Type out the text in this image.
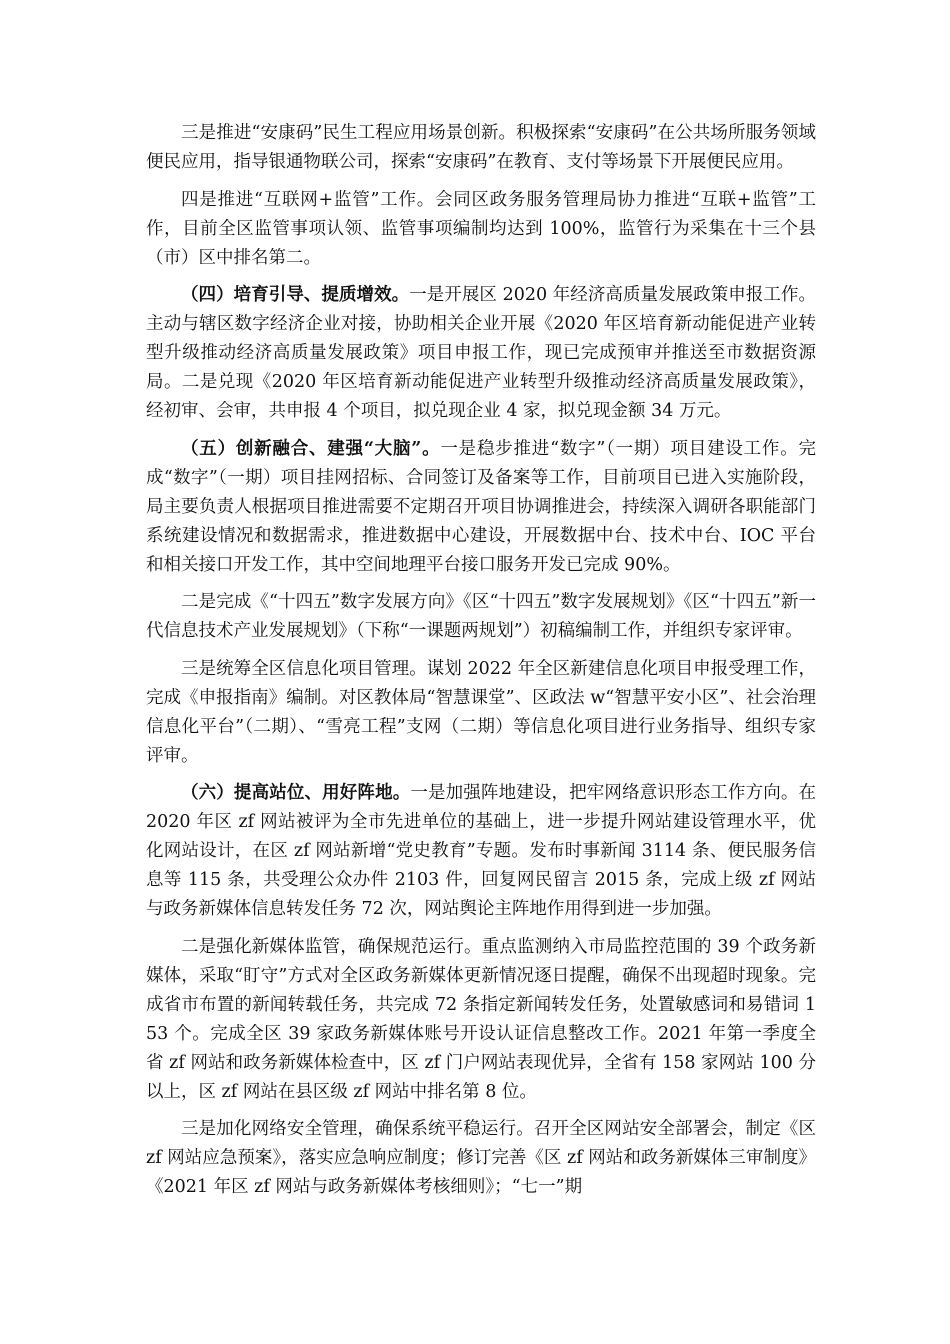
三是推进“安康码”民生工程应用场景创新。积极探索“安康码”在公共场所服务领域便民应用，指导银通物联公司，探索“安康码”在教育、支付等场景下开展便民应用。

四是推进“互联网+监管”工作。会同区政务服务管理局协力推进“互联+监管”工作，目前全区监管事项认领、监管事项编制均达到 100%，监管行为采集在十三个县（市）区中排名第二。

（四）培育引导、提质增效。一是开展区 2020 年经济高质量发展政策申报工作。主动与辖区数字经济企业对接，协助相关企业开展《2020 年区培育新动能促进产业转型升级推动经济高质量发展政策》项目申报工作，现已完成预审并推送至市数据资源局。二是兑现《2020 年区培育新动能促进产业转型升级推动经济高质量发展政策》，经初审、会审，共申报 4 个项目，拟兑现企业 4 家，拟兑现金额 34 万元。

（五）创新融合、建强“大脑”。一是稳步推进“数字”（一期）项目建设工作。完成“数字”（一期）项目挂网招标、合同签订及备案等工作，目前项目已进入实施阶段，局主要负责人根据项目推进需要不定期召开项目协调推进会，持续深入调研各职能部门系统建设情况和数据需求，推进数据中心建设，开展数据中台、技术中台、IOC 平台和相关接口开发工作，其中空间地理平台接口服务开发已完成 90%。

二是完成《“十四五”数字发展方向》《区“十四五”数字发展规划》《区“十四五”新一代信息技术产业发展规划》（下称“一课题两规划”）初稿编制工作，并组织专家评审。

三是统筹全区信息化项目管理。谋划 2022 年全区新建信息化项目申报受理工作，完成《申报指南》编制。对区教体局“智慧课堂”、区政法 w“智慧平安小区”、社会治理信息化平台”（二期）、“雪亮工程”支网（二期）等信息化项目进行业务指导、组织专家评审。

（六）提高站位、用好阵地。一是加强阵地建设，把牢网络意识形态工作方向。在 2020 年区 zf 网站被评为全市先进单位的基础上，进一步提升网站建设管理水平，优化网站设计，在区 zf 网站新增“党史教育”专题。发布时事新闻 3114 条、便民服务信息等 115 条，共受理公众办件 2103 件，回复网民留言 2015 条，完成上级 zf 网站与政务新媒体信息转发任务 72 次，网站舆论主阵地作用得到进一步加强。

二是强化新媒体监管，确保规范运行。重点监测纳入市局监控范围的 39 个政务新媒体，采取“盯守”方式对全区政务新媒体更新情况逐日提醒，确保不出现超时现象。完成省市布置的新闻转载任务，共完成 72 条指定新闻转发任务，处置敏感词和易错词 153 个。完成全区 39 家政务新媒体账号开设认证信息整改工作。2021 年第一季度全省 zf 网站和政务新媒体检查中，区 zf 门户网站表现优异，全省有 158 家网站 100 分以上，区 zf 网站在县区级 zf 网站中排名第 8 位。

三是加化网络安全管理，确保系统平稳运行。召开全区网站安全部署会，制定《区 zf 网站应急预案》，落实应急响应制度；修订完善《区 zf 网站和政务新媒体三审制度》《2021 年区 zf 网站与政务新媒体考核细则》；“七一”期
